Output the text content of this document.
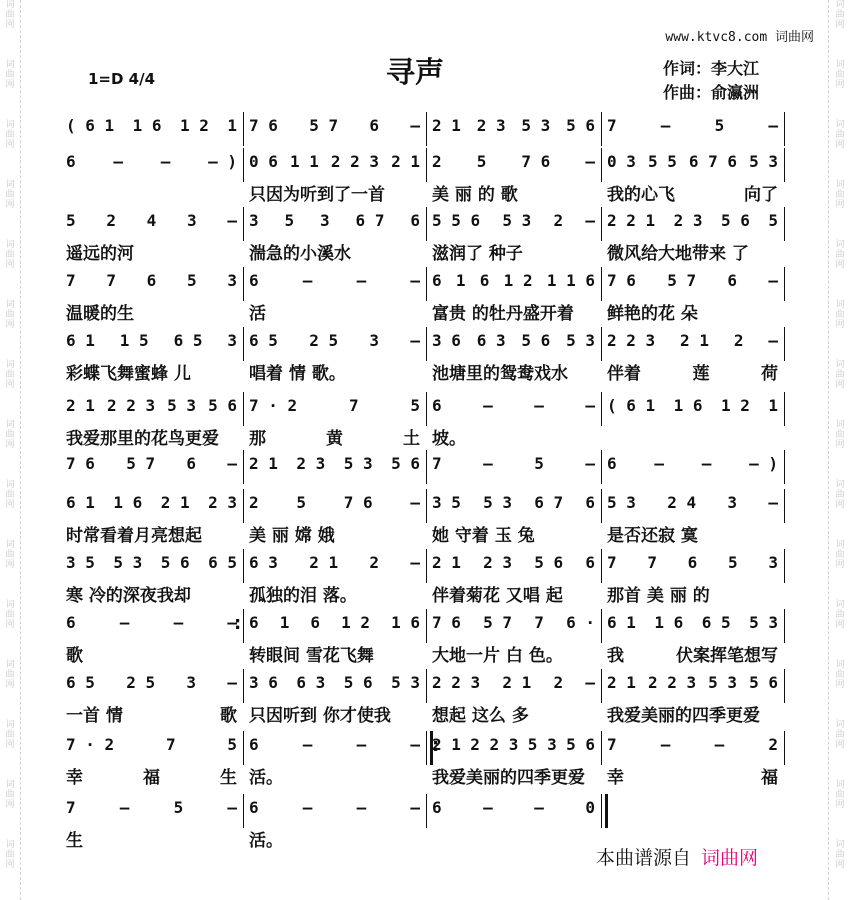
词曲网
词曲网
词曲网
词曲网
词曲网
词曲网
词曲网
词曲网
词曲网
词曲网
词曲网
词曲网
词曲网
词曲网
词曲网
词曲网
词曲网
词曲网
词曲网
词曲网
词曲网
词曲网
词曲网
词曲网
词曲网
词曲网
词曲网
词曲网
词曲网
词曲网
www.ktvc8.com 词曲网
1=D 4/4	寻声	作词：李大江
作曲：俞瀛洲
( 6 1 1 6 1 2 1 7 6 5 7 6 — 2 1 2 3 5 3 5 6 7	—	5	—
6 — — — ) 0 6 1 1 2 2 3 2 1
只因为听到了一首
2 5 7 6 —
美 丽 的 歌
0 3 5 5 6 7 6 5 3
我的心飞	向了
5 2 4 3 —
遥远的河
3 5 3 6 7 6
湍急的小溪水
5 5 6 5 3 2 —
滋润了 种子
2 2 1 2 3 5 6 5
微风给大地带来 了
7 7 6 5 3
温暖的生
6	—	—	—
活
6 1 6 1 2 1 1 6
富贵 的牡丹盛开着
7 6 5 7 6 —
鲜艳的花 朵
6 1 1 5 6 5 3
彩蝶飞舞蜜蜂 儿
6 5 2 5 3 —
唱着 情 歌。
3 6 6 3 5 6 5 3
池塘里的鸳鸯戏水
2 2 3 2 1 2 —
伴着	莲	荷
2 1 2 2 3 5 3 5 6
我爱那里的花鸟更爱
7 · 2	7	5
那	黄	土
6	—	—	—
坡。
( 6 1 1 6 1 2 1
7 6 5 7 6 — 2 1 2 3 5 3 5 6 7	—	5	— 6 — — — )
6 1 1 6 2 1 2 3
时常看着月亮想起
2 5 7 6 —
美 丽 嫦 娥
3 5 5 3 6 7 6
她 守着 玉 兔
5 3 2 4 3 —
是否还寂 寞
3 5 5 3 5 6 6 5
寒 冷的深夜我却
6 3 2 1 2 —
孤独的泪 落。
2 1 2 3 5 6 6
伴着菊花 又唱 起
7 7 6 5 3
那首 美 丽 的
:
6	—	—	—
歌
6 1 6 1 2 1 6
转眼间 雪花飞舞
7 6 5 7 7 6 ·
大地一片 白 色。
6 1 1 6 6 5 5 3
我	伏案挥笔想写
6 5 2 5 3 —
一首 情	歌
3 6 6 3 5 6 5 3
只因听到 你才使我
2 2 3 2 1 2 —
想起 这么 多
2 1 2 2 3 5 3 5 6
我爱美丽的四季更爱
:
7 · 2	7	5
幸	福	生
6	—	—	—
活。
2 1 2 2 3 5 3 5 6
我爱美丽的四季更爱
7	—	—	2
幸	福
7	—	5	—
生
6	—	—	—
活。
6	—	—	0
本曲谱源自 词曲网
